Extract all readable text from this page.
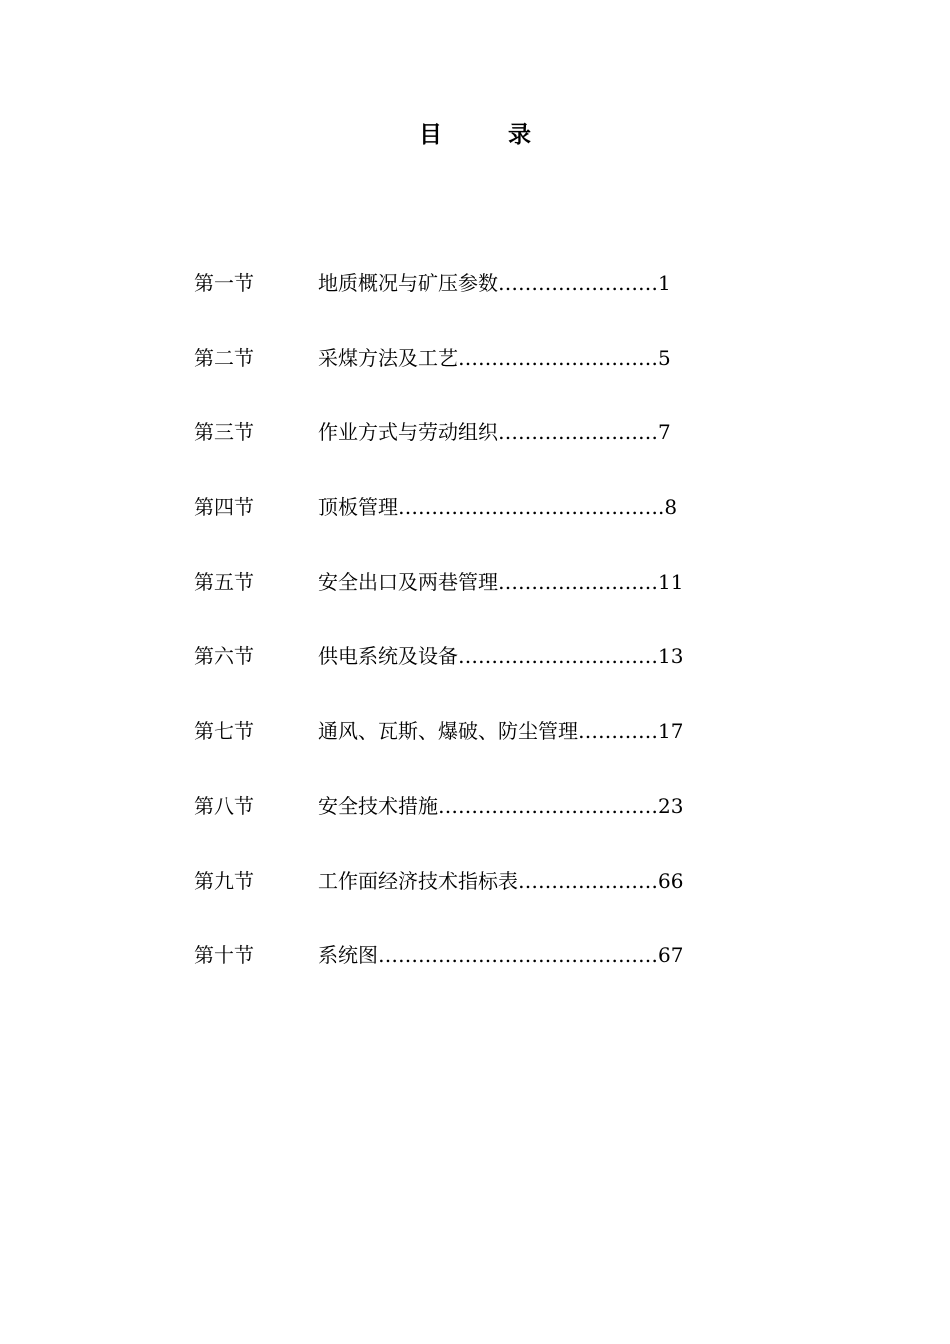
目录
第一节	地质概况与矿压参数……………………1
第二节	采煤方法及工艺…………………………5
第三节	作业方式与劳动组织……………………7
第四节	顶板管理………………………………….8
第五节	安全出口及两巷管理……………………11
第六节	供电系统及设备…………………………13
第七节	通风、瓦斯、爆破、防尘管理…………17
第八节	安全技术措施……………………………23
第九节	工作面经济技术指标表…………………66
第十节	系统图……………………………………67
